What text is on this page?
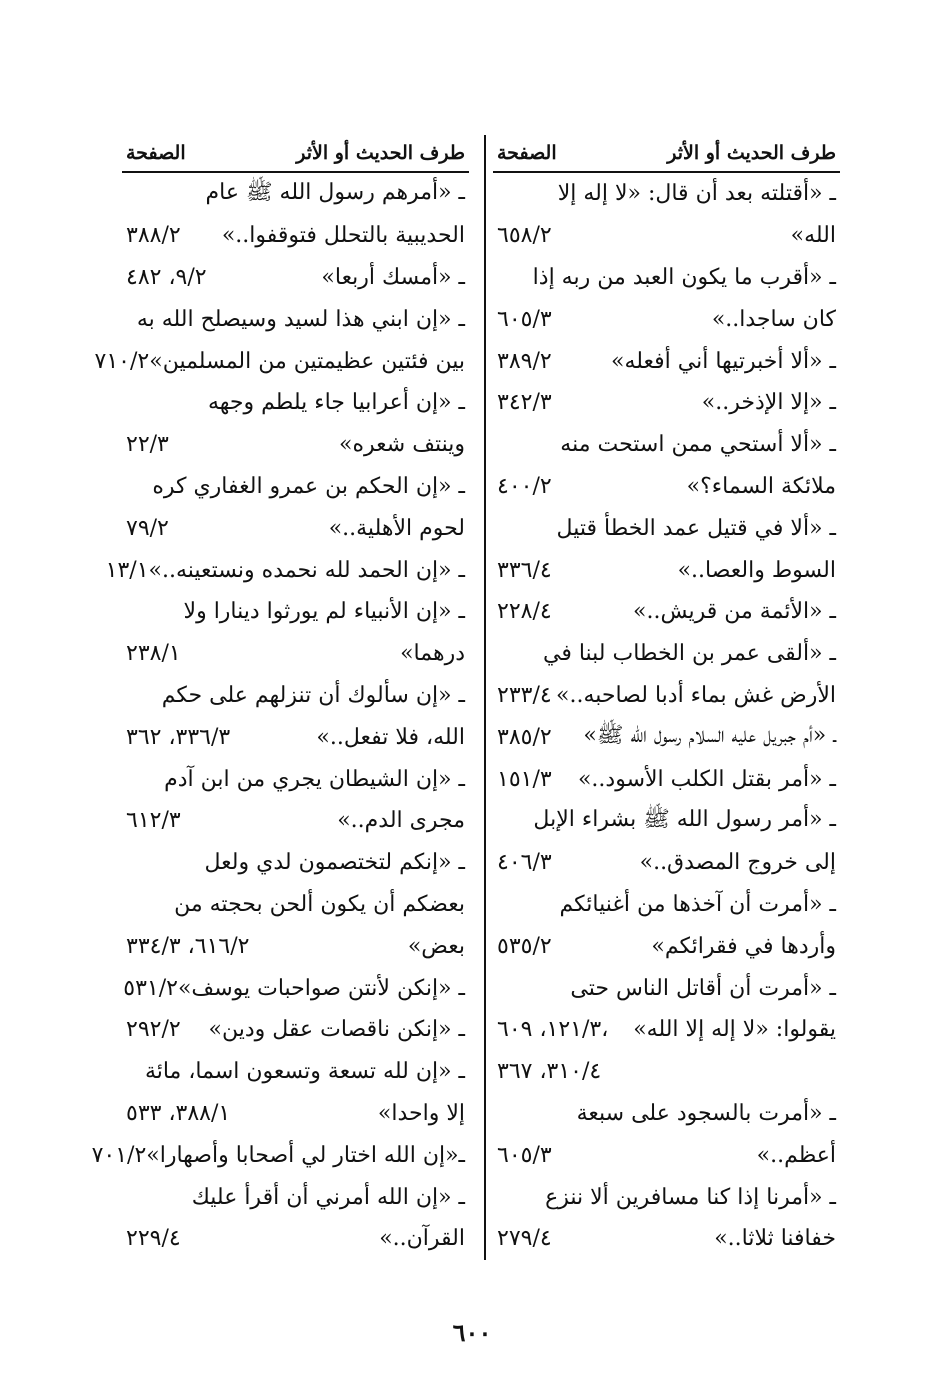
طرف الحديث أو الأثر
الصفحة
ـ «أقتلته بعد أن قال: «لا إله إلا
الله»
٦٥٨/٢
ـ «أقرب ما يكون العبد من ربه إذا
كان ساجدا..»
٦٠٥/٣
ـ «ألا أخبرتيها أني أفعله»
٣٨٩/٢
ـ «إلا الإذخر..»
٣٤٢/٣
ـ «ألا أستحي ممن استحت منه
ملائكة السماء؟»
٤٠٠/٢
ـ «ألا في قتيل عمد الخطأ قتيل
السوط والعصا..»
٣٣٦/٤
ـ «الأئمة من قريش..»
٢٢٨/٤
ـ «ألقى عمر بن الخطاب لبنا في
الأرض غش بماء أدبا لصاحبه..»
٢٣٣/٤
ـ «أم جبريل عليه السلام رسول الله ﷺ»
٣٨٥/٢
ـ «أمر بقتل الكلب الأسود..»
١٥١/٣
ـ «أمر رسول الله ﷺ بشراء الإبل
إلى خروج المصدق..»
٤٠٦/٣
ـ «أمرت أن آخذها من أغنيائكم
وأردها في فقرائكم»
٥٣٥/٢
ـ «أمرت أن أقاتل الناس حتى
يقولوا: «لا إله إلا الله»
١٢١/٣، ٦٠٩،
٣١٠/٤، ٣٦٧
ـ «أمرت بالسجود على سبعة
أعظم..»
٦٠٥/٣
ـ «أمرنا إذا كنا مسافرين ألا ننزع
خفافنا ثلاثا..»
٢٧٩/٤
طرف الحديث أو الأثر
الصفحة
ـ «أمرهم رسول الله ﷺ عام
الحديبية بالتحلل فتوقفوا..»
٣٨٨/٢
ـ «أمسك أربعا»
٩/٢، ٤٨٢
ـ «إن ابني هذا لسيد وسيصلح الله به
بين فئتين عظيمتين من المسلمين»
٧١٠/٢
ـ «إن أعرابيا جاء يلطم وجهه
وينتف شعره»
٢٢/٣
ـ «إن الحكم بن عمرو الغفاري كره
لحوم الأهلية..»
٧٩/٢
ـ «إن الحمد لله نحمده ونستعينه..»
١٣/١
ـ «إن الأنبياء لم يورثوا دينارا ولا
درهما»
٢٣٨/١
ـ «إن سألوك أن تنزلهم على حكم
الله، فلا تفعل..»
٣٣٦/٣، ٣٦٢
ـ «إن الشيطان يجري من ابن آدم
مجرى الدم..»
٦١٢/٣
ـ «إنكم لتختصمون لدي ولعل
بعضكم أن يكون ألحن بحجته من
بعض»
٦١٦/٢، ٣٣٤/٣
ـ «إنكن لأنتن صواحبات يوسف»
٥٣١/٢
ـ «إنكن ناقصات عقل ودين»
٢٩٢/٢
ـ «إن لله تسعة وتسعون اسما، مائة
إلا واحدا»
٣٨٨/١، ٥٣٣
ـ«إن الله اختار لي أصحابا وأصهارا»
٧٠١/٢
ـ «إن الله أمرني أن أقرأ عليك
القرآن..»
٢٢٩/٤
٦٠٠
